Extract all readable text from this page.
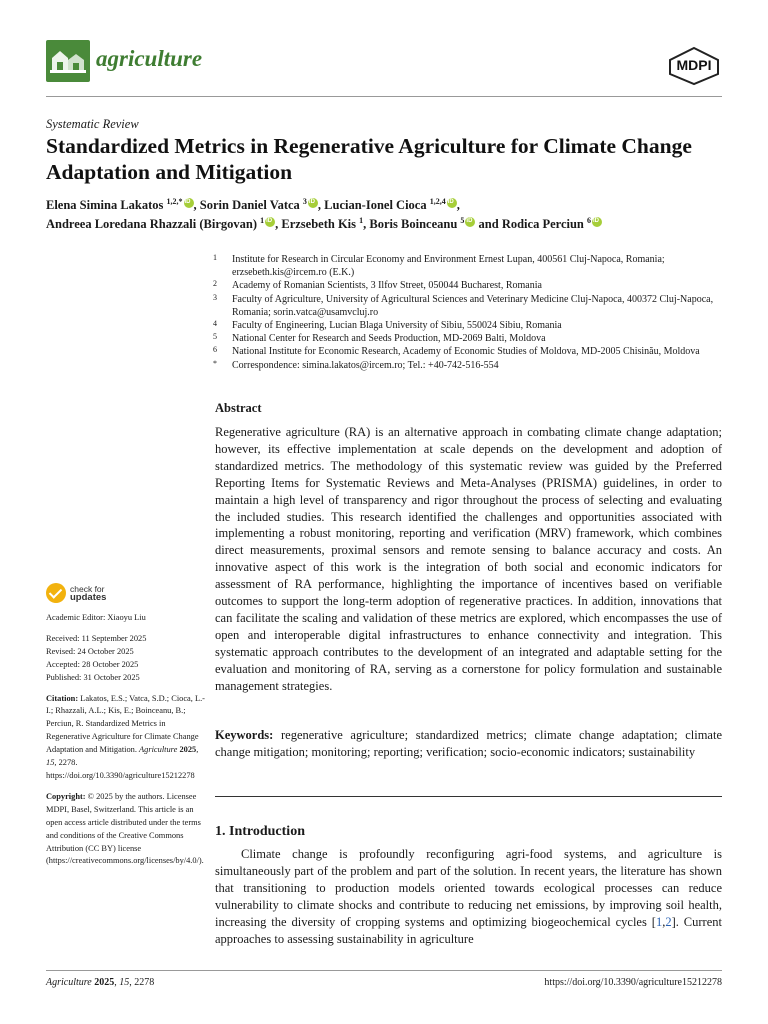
agriculture	MDPI
Systematic Review
Standardized Metrics in Regenerative Agriculture for Climate Change Adaptation and Mitigation
Elena Simina Lakatos $^{1,2,*}$ iD , Sorin Daniel Vatca $^3$ iD , Lucian-Ionel Cioca $^{1,2,4}$ iD ,
Andreea Loredana Rhazzali (Birgovan) $^1$ iD , Erzsebeth Kis $^1$, Boris Boinceanu $^5$iD and Rodica Perciun $^6$iD
1	Institute for Research in Circular Economy and Environment Ernest Lupan, 400561 Cluj-Napoca, Romania; erzsebeth.kis@ircem.ro (E.K.)
2	Academy of Romanian Scientists, 3 Ilfov Street, 050044 Bucharest, Romania
3	Faculty of Agriculture, University of Agricultural Sciences and Veterinary Medicine Cluj-Napoca, 400372 Cluj-Napoca, Romania; sorin.vatca@usamvcluj.ro
4	Faculty of Engineering, Lucian Blaga University of Sibiu, 550024 Sibiu, Romania
5	National Center for Research and Seeds Production, MD-2069 Balti, Moldova
6	National Institute for Economic Research, Academy of Economic Studies of Moldova, MD-2005 Chisinău, Moldova
*	Correspondence: simina.lakatos@ircem.ro; Tel.: +40-742-516-554
Abstract
Regenerative agriculture (RA) is an alternative approach in combating climate change adaptation; however, its effective implementation at scale depends on the development and adoption of standardized metrics. The methodology of this systematic review was guided by the Preferred Reporting Items for Systematic Reviews and Meta-Analyses (PRISMA) guidelines, in order to maintain a high level of transparency and rigor throughout the process of selecting and evaluating the included studies. This research identified the challenges and opportunities associated with implementing a robust monitoring, reporting and verification (MRV) framework, which combines direct measurements, proximal sensors and remote sensing to balance accuracy and costs. An innovative aspect of this work is the integration of both social and economic indicators for assessment of RA performance, highlighting the importance of incentives based on verifiable outcomes to support the long-term adoption of regenerative practices. In addition, innovations that can facilitate the scaling and validation of these metrics are explored, which encompasses the use of open and interoperable digital infrastructures to enhance connectivity and integration. This systematic approach contributes to the development of an integrated and adaptable setting for the evaluation and monitoring of RA, serving as a cornerstone for policy formulation and sustainable management strategies.
Keywords: regenerative agriculture; standardized metrics; climate change adaptation; climate change mitigation; monitoring; reporting; verification; socio-economic indicators; sustainability
1. Introduction
Climate change is profoundly reconfiguring agri-food systems, and agriculture is simultaneously part of the problem and part of the solution. In recent years, the literature has shown that transitioning to production models oriented towards ecological processes can reduce vulnerability to climate shocks and contribute to reducing net emissions, by improving soil health, increasing the diversity of cropping systems and optimizing biogeochemical cycles [1,2]. Current approaches to assessing sustainability in agriculture
check for
updates
Academic Editor: Xiaoyu Liu
Received: 11 September 2025
Revised: 24 October 2025
Accepted: 28 October 2025
Published: 31 October 2025
Citation: Lakatos, E.S.; Vatca, S.D.; Cioca, L.-I.; Rhazzali, A.L.; Kis, E.; Boinceanu, B.; Perciun, R. Standardized Metrics in Regenerative Agriculture for Climate Change Adaptation and Mitigation. Agriculture 2025, 15, 2278. https://doi.org/10.3390/agriculture15212278
Copyright: © 2025 by the authors. Licensee MDPI, Basel, Switzerland. This article is an open access article distributed under the terms and conditions of the Creative Commons Attribution (CC BY) license (https://creativecommons.org/licenses/by/4.0/).
Agriculture 2025, 15, 2278	https://doi.org/10.3390/agriculture15212278
